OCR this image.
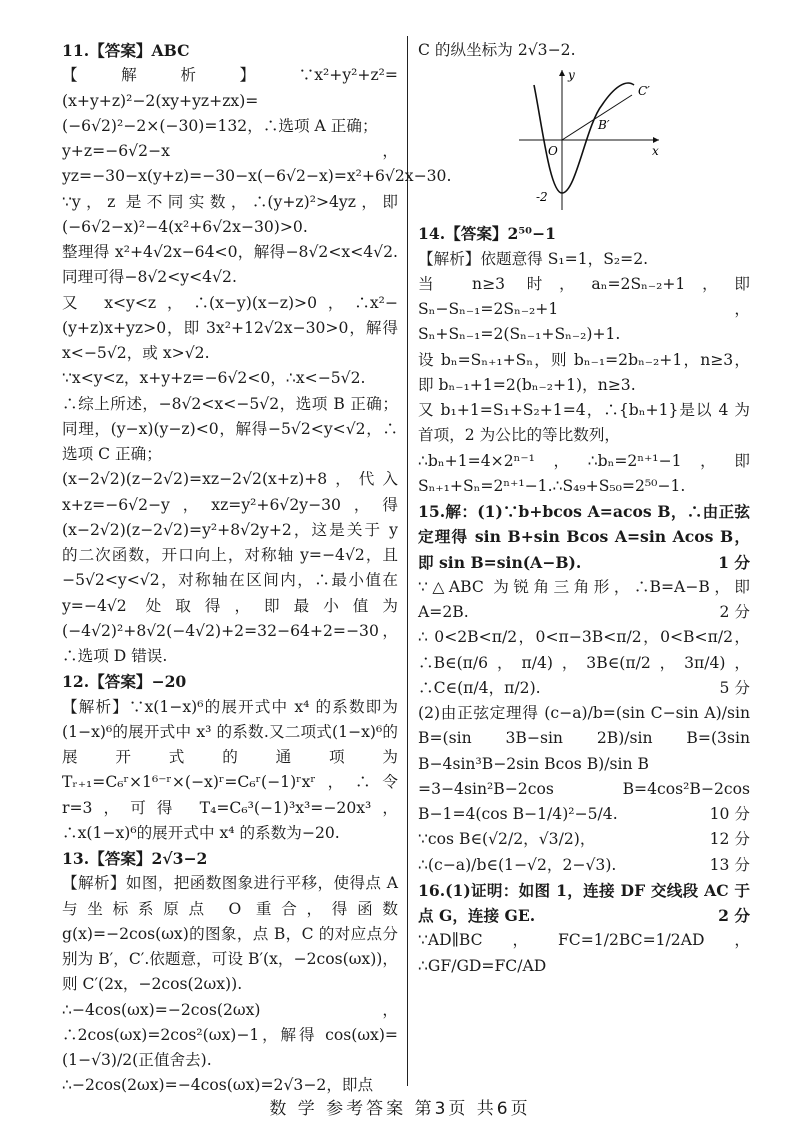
11.【答案】ABC

【解析】∵x²+y²+z²=(x+y+z)²−2(xy+yz+zx)=(−6√2)²−2×(−30)=132，∴选项 A 正确；

y+z=−6√2−x，yz=−30−x(y+z)=−30−x(−6√2−x)=x²+6√2x−30.

∵y，z 是不同实数，∴(y+z)²>4yz，即(−6√2−x)²−4(x²+6√2x−30)>0.

整理得 x²+4√2x−64<0，解得−8√2<x<4√2.同理可得−8√2<y<4√2.

又 x<y<z，∴(x−y)(x−z)>0，∴x²−(y+z)x+yz>0，即 3x²+12√2x−30>0，解得 x<−5√2，或 x>√2.

∵x<y<z，x+y+z=−6√2<0，∴x<−5√2.

∴综上所述，−8√2<x<−5√2，选项 B 正确；同理，(y−x)(y−z)<0，解得−5√2<y<√2，∴选项 C 正确；

(x−2√2)(z−2√2)=xz−2√2(x+z)+8，代入 x+z=−6√2−y，xz=y²+6√2y−30，得(x−2√2)(z−2√2)=y²+8√2y+2，这是关于 y 的二次函数，开口向上，对称轴 y=−4√2，且−5√2<y<√2，对称轴在区间内，∴最小值在 y=−4√2 处取得，即最小值为(−4√2)²+8√2(−4√2)+2=32−64+2=−30，∴选项 D 错误.

12.【答案】−20

【解析】∵x(1−x)⁶的展开式中 x⁴ 的系数即为(1−x)⁶的展开式中 x³ 的系数.又二项式(1−x)⁶的展开式的通项为 Tᵣ₊₁=C₆ʳ×1⁶⁻ʳ×(−x)ʳ=C₆ʳ(−1)ʳxʳ，∴令 r=3，可得 T₄=C₆³(−1)³x³=−20x³，∴x(1−x)⁶的展开式中 x⁴ 的系数为−20.

13.【答案】2√3−2

【解析】如图，把函数图象进行平移，使得点 A 与坐标系原点 O 重合，得函数 g(x)=−2cos(ωx)的图象，点 B，C 的对应点分别为 B′，C′.依题意，可设 B′(x，−2cos(ωx))，则 C′(2x，−2cos(2ωx)).

∴−4cos(ωx)=−2cos(2ωx)，∴2cos(ωx)=2cos²(ωx)−1，解得 cos(ωx)=(1−√3)/2(正值舍去).

∴−2cos(2ωx)=−4cos(ωx)=2√3−2，即点

C 的纵坐标为 2√3−2.

x
y
O
B′
C′
-2

14.【答案】2⁵⁰−1

【解析】依题意得 S₁=1，S₂=2.

当 n≥3 时，aₙ=2Sₙ₋₂+1，即 Sₙ−Sₙ₋₁=2Sₙ₋₂+1，Sₙ+Sₙ₋₁=2(Sₙ₋₁+Sₙ₋₂)+1.

设 bₙ=Sₙ₊₁+Sₙ，则 bₙ₋₁=2bₙ₋₂+1，n≥3，即 bₙ₋₁+1=2(bₙ₋₂+1)，n≥3.

又 b₁+1=S₁+S₂+1=4，∴{bₙ+1}是以 4 为首项，2 为公比的等比数列，

∴bₙ+1=4×2ⁿ⁻¹，∴bₙ=2ⁿ⁺¹−1，即 Sₙ₊₁+Sₙ=2ⁿ⁺¹−1.∴S₄₉+S₅₀=2⁵⁰−1.

15.解：(1)∵b+bcos A=acos B，∴由正弦定理得 sin B+sin Bcos A=sin Acos B，即 sin B=sin(A−B).	1 分

∵△ABC 为锐角三角形，∴B=A−B，即 A=2B.	2 分

∴ 0<2B<π/2，0<π−3B<π/2，0<B<π/2，∴B∈(π/6，π/4)，3B∈(π/2，3π/4)，∴C∈(π/4，π/2).	5 分

(2)由正弦定理得 (c−a)/b=(sin C−sin A)/sin B=(sin 3B−sin 2B)/sin B=(3sin B−4sin³B−2sin Bcos B)/sin B

=3−4sin²B−2cos B=4cos²B−2cos B−1=4(cos B−1/4)²−5/4.	10 分

∵cos B∈(√2/2，√3/2)，	12 分

∴(c−a)/b∈(1−√2，2−√3).	13 分

16.(1)证明：如图 1，连接 DF 交线段 AC 于点 G，连接 GE.	2 分

∵AD∥BC，FC=1/2BC=1/2AD，∴GF/GD=FC/AD

数 学 参考答案 第3页 共6页
